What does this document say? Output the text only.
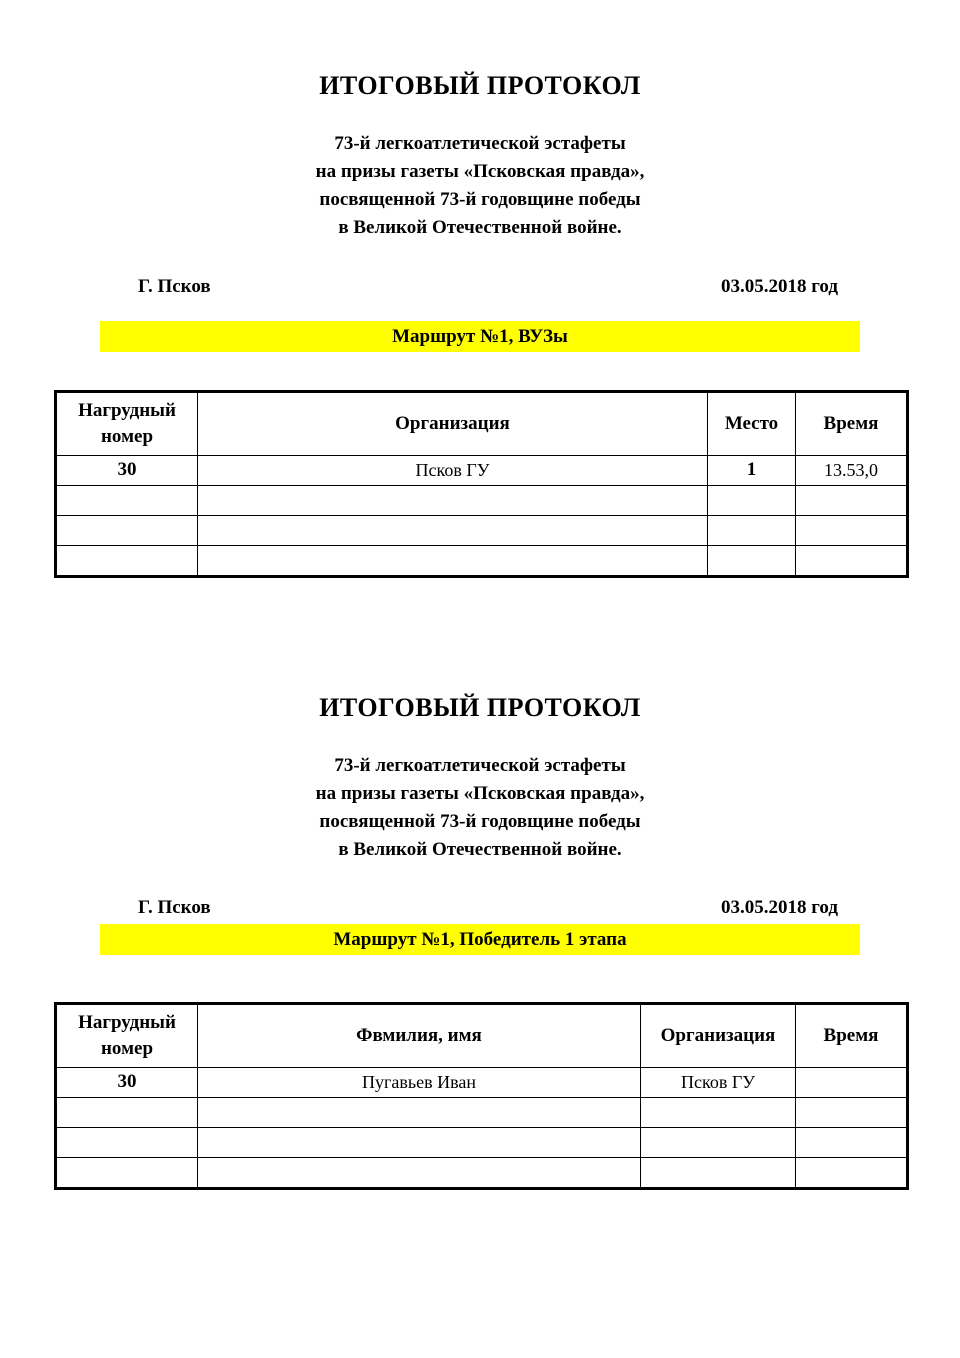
ИТОГОВЫЙ ПРОТОКОЛ
73-й легкоатлетической эстафеты
на призы газеты «Псковская правда»,
посвященной 73-й годовщине победы
в Великой Отечественной войне.
Г. Псков	03.05.2018 год
Маршрут №1, ВУЗы
Нагрудный номер	Организация	Место	Время
30	Псков ГУ	1	13.53,0

ИТОГОВЫЙ ПРОТОКОЛ
73-й легкоатлетической эстафеты
на призы газеты «Псковская правда»,
посвященной 73-й годовщине победы
в Великой Отечественной войне.
Г. Псков	03.05.2018 год
Маршрут №1, Победитель 1 этапа
Нагрудный номер	Фвмилия, имя	Организация	Время
30	Пугавьев Иван	Псков ГУ	
